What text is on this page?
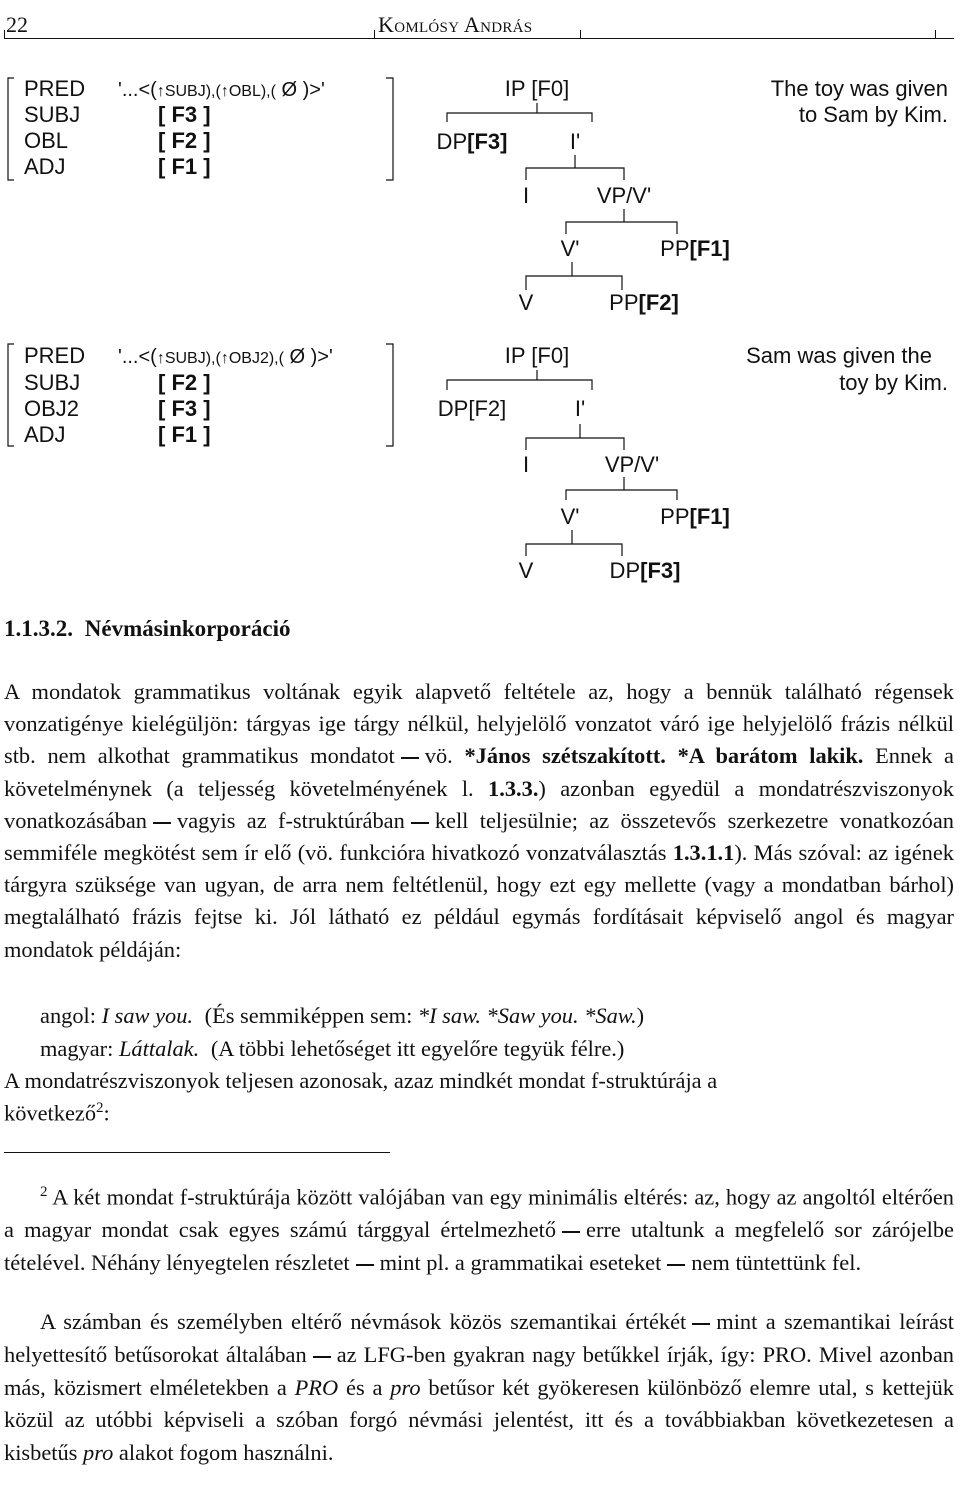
22	Komlósy András
PRED '...<(↑SUBJ),(↑OBL),( Ø )>'
SUBJ	[ F3 ]
OBL	[ F2 ]
ADJ	[ F1 ]
IP [F0]
DP[F3]	I'
I	VP/V'
V'	PP[F1]
V	PP[F2]
The toy was given
to Sam by Kim.
PRED '...<(↑SUBJ),(↑OBJ2),( Ø )>'
SUBJ	[ F2 ]
OBJ2	[ F3 ]
ADJ	[ F1 ]
IP [F0]
DP[F2]	I'
I	VP/V'
V'	PP[F1]
V	DP[F3]
Sam was given the
toy by Kim.
1.1.3.2. Névmásinkorporáció
A mondatok grammatikus voltának egyik alapvető feltétele az, hogy a bennük található régensek vonzatigénye kielégüljön: tárgyas ige tárgy nélkül, helyjelölő vonzatot váró ige helyjelölő frázis nélkül stb. nem alkothat grammatikus mondatot vö. *János szétszakított. *A barátom lakik. Ennek a követelménynek (a teljesség követelményének l. 1.3.3.) azonban egyedül a mondatrészviszonyok vonatkozásában vagyis az f-struktúrában kell teljesülnie; az összetevős szerkezetre vonatkozóan semmiféle megkötést sem ír elő (vö. funkcióra hivatkozó vonzatválasztás 1.3.1.1). Más szóval: az igének tárgyra szüksége van ugyan, de arra nem feltétlenül, hogy ezt egy mellette (vagy a mondatban bárhol) megtalálható frázis fejtse ki. Jól látható ez például egymás fordításait képviselő angol és magyar mondatok példáján:
angol: I saw you. (És semmiképpen sem: *I saw. *Saw you. *Saw.)
magyar: Láttalak. (A többi lehetőséget itt egyelőre tegyük félre.)
A mondatrészviszonyok teljesen azonosak, azaz mindkét mondat f-struktúrája a
következő$^2$:
$^2$ A két mondat f-struktúrája között valójában van egy minimális eltérés: az, hogy az angoltól eltérően a magyar mondat csak egyes számú tárggyal értelmezhető erre utaltunk a megfelelő sor zárójelbe tételével. Néhány lényegtelen részletet mint pl. a grammatikai eseteket nem tüntettünk fel.
A számban és személyben eltérő névmások közös szemantikai értékét mint a szemantikai leírást helyettesítő betűsorokat általában az LFG-ben gyakran nagy betűkkel írják, így: PRO. Mivel azonban más, közismert elméletekben a PRO és a pro betűsor két gyökeresen különböző elemre utal, s kettejük közül az utóbbi képviseli a szóban forgó névmási jelentést, itt és a továbbiakban következetesen a kisbetűs pro alakot fogom használni.
